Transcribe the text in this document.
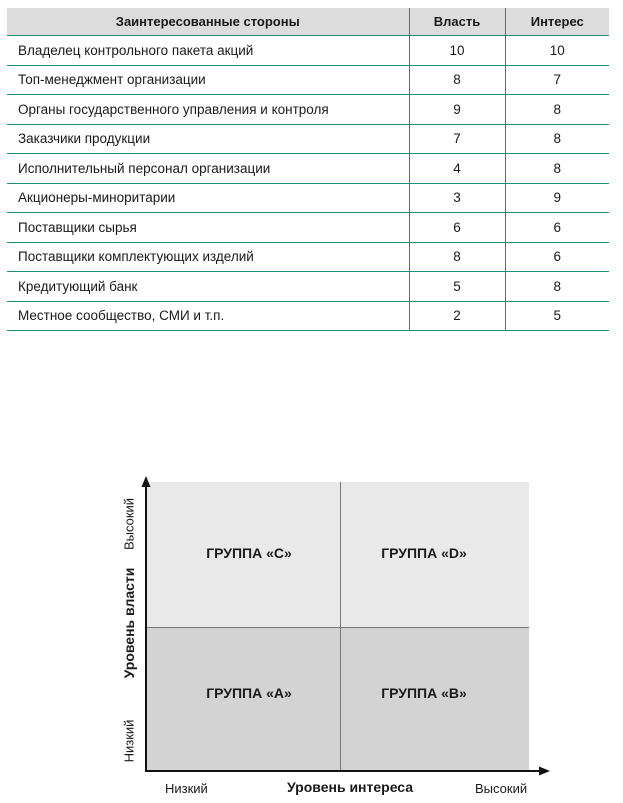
Заинтересованные стороны	Власть	Интерес
Владелец контрольного пакета акций	10	10
Топ-менеджмент организации	8	7
Органы государственного управления и контроля	9	8
Заказчики продукции	7	8
Исполнительный персонал организации	4	8
Акционеры-миноритарии	3	9
Поставщики сырья	6	6
Поставщики комплектующих изделий	8	6
Кредитующий банк	5	8
Местное сообщество, СМИ и т.п.	2	5
ГРУППА «С»	ГРУППА «D»
ГРУППА «А»	ГРУППА «В»
Низкий	Уровень интереса	Высокий
Высокий
Уровень власти
Низкий
